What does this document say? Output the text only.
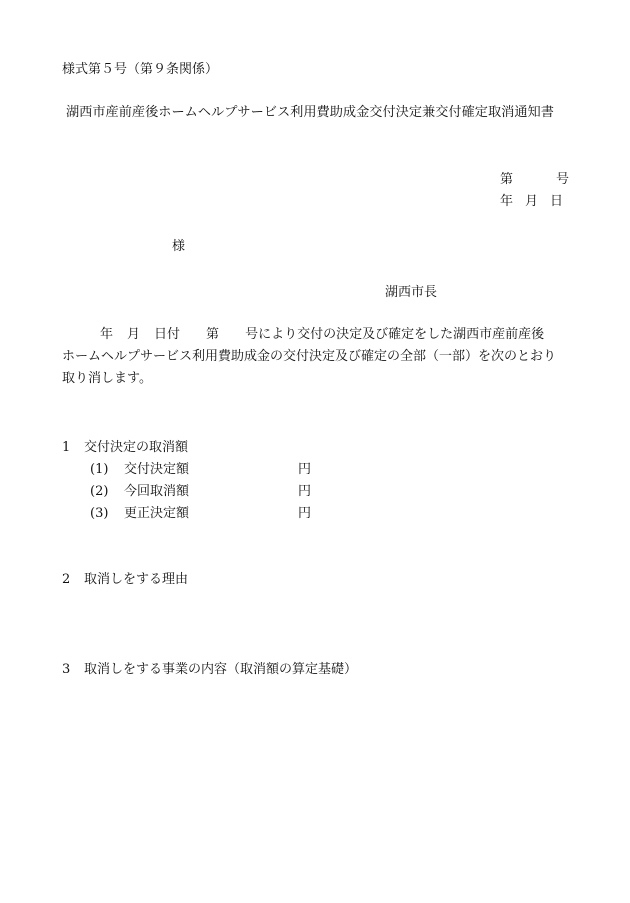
様式第５号（第９条関係）
湖西市産前産後ホームヘルプサービス利用費助成金交付決定兼交付確定取消通知書
第	号
年 月 日
様
湖西市長
年 月 日付 第 号により交付の決定及び確定をした湖西市産前産後
ホームヘルプサービス利用費助成金の交付決定及び確定の全部（一部）を次のとおり
取り消します。
1 交付決定の取消額
(1) 交付決定額	円
(2) 今回取消額	円
(3) 更正決定額	円
2 取消しをする理由
3 取消しをする事業の内容（取消額の算定基礎）
